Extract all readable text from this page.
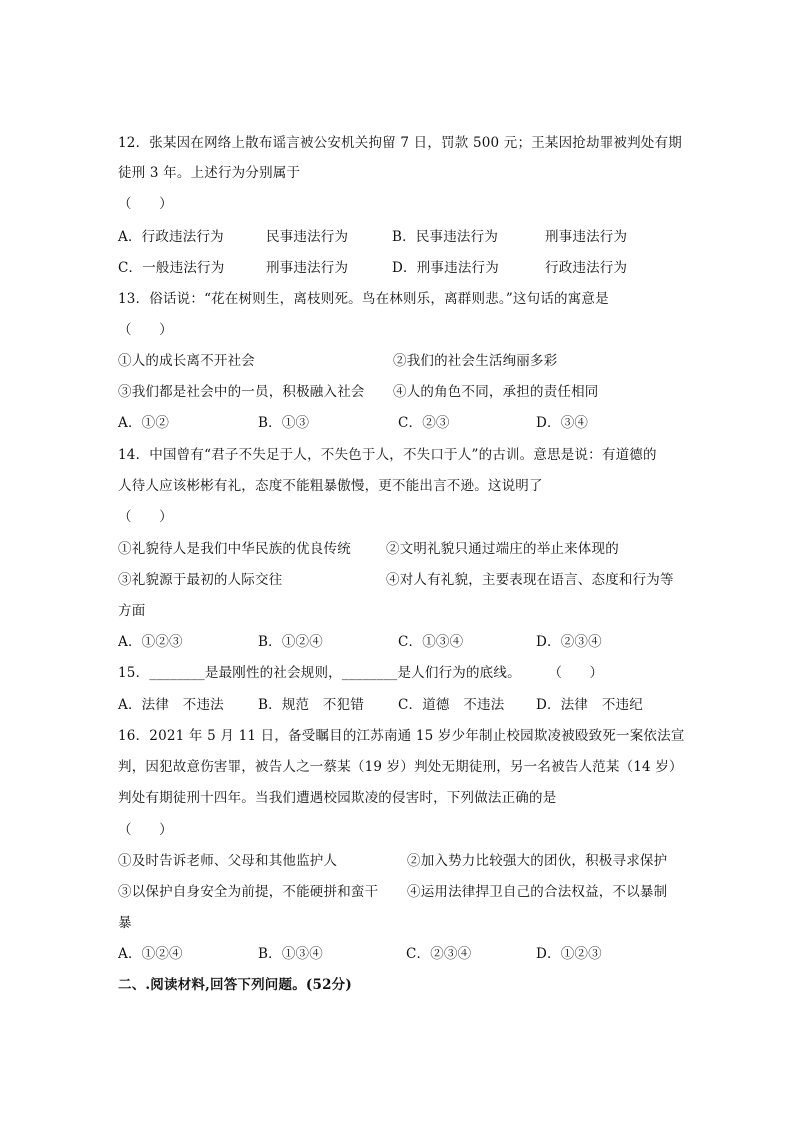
12．张某因在网络上散布谣言被公安机关拘留 7 日，罚款 500 元；王某因抢劫罪被判处有期
徒刑 3 年。上述行为分别属于
（　　）
A．行政违法行为	民事违法行为	B．民事违法行为	刑事违法行为
C．一般违法行为	刑事违法行为	D．刑事违法行为	行政违法行为
13．俗话说：“花在树则生，离枝则死。鸟在林则乐，离群则悲。”这句话的寓意是
（　　）
①人的成长离不开社会	②我们的社会生活绚丽多彩
③我们都是社会中的一员，积极融入社会 ④人的角色不同，承担的责任相同
A．①②	B．①③	C．②③	D．③④
14．中国曾有“君子不失足于人，不失色于人，不失口于人”的古训。意思是说：有道德的
人待人应该彬彬有礼，态度不能粗暴傲慢，更不能出言不逊。这说明了
（　　）
①礼貌待人是我们中华民族的优良传统	②文明礼貌只通过端庄的举止来体现的
③礼貌源于最初的人际交往	④对人有礼貌，主要表现在语言、态度和行为等
方面
A．①②③	B．①②④	C．①③④	D．②③④
15．________是最刚性的社会规则，________是人们行为的底线。　　　（　　）
A．法律　不违法	B．规范　不犯错	C．道德　不违法 D．法律　不违纪
16．2021 年 5 月 11 日，备受瞩目的江苏南通 15 岁少年制止校园欺凌被殴致死一案依法宣
判，因犯故意伤害罪，被告人之一蔡某（19 岁）判处无期徒刑，另一名被告人范某（14 岁）
判处有期徒刑十四年。当我们遭遇校园欺凌的侵害时，下列做法正确的是
（　　）
①及时告诉老师、父母和其他监护人	②加入势力比较强大的团伙，积极寻求保护
③以保护自身安全为前提，不能硬拼和蛮干 ④运用法律捍卫自己的合法权益，不以暴制
暴
A．①②④	B．①③④	C．②③④	D．①②③
二、.阅读材料,回答下列问题。(52分)
